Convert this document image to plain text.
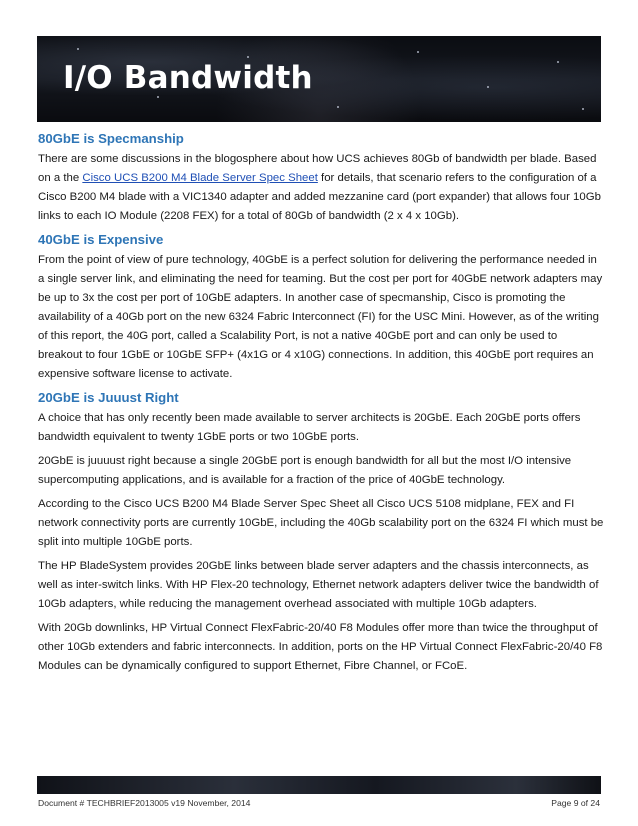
I/O Bandwidth
80GbE is Specmanship

There are some discussions in the blogosphere about how UCS achieves 80Gb of bandwidth per blade. Based on a the Cisco UCS B200 M4 Blade Server Spec Sheet for details, that scenario refers to the configuration of a Cisco B200 M4 blade with a VIC1340 adapter and added mezzanine card (port expander) that allows four 10Gb links to each IO Module (2208 FEX) for a total of 80Gb of bandwidth (2 x 4 x 10Gb).

40GbE is Expensive

From the point of view of pure technology, 40GbE is a perfect solution for delivering the performance needed in a single server link, and eliminating the need for teaming. But the cost per port for 40GbE network adapters may be up to 3x the cost per port of 10GbE adapters. In another case of specmanship, Cisco is promoting the availability of a 40Gb port on the new 6324 Fabric Interconnect (FI) for the USC Mini. However, as of the writing of this report, the 40G port, called a Scalability Port, is not a native 40GbE port and can only be used to breakout to four 1GbE or 10GbE SFP+ (4x1G or 4 x10G) connections. In addition, this 40GbE port requires an expensive software license to activate.

20GbE is Juuust Right

A choice that has only recently been made available to server architects is 20GbE. Each 20GbE ports offers bandwidth equivalent to twenty 1GbE ports or two 10GbE ports.

20GbE is juuuust right because a single 20GbE port is enough bandwidth for all but the most I/O intensive supercomputing applications, and is available for a fraction of the price of 40GbE technology.

According to the Cisco UCS B200 M4 Blade Server Spec Sheet all Cisco UCS 5108 midplane, FEX and FI network connectivity ports are currently 10GbE, including the 40Gb scalability port on the 6324 FI which must be split into multiple 10GbE ports.

The HP BladeSystem provides 20GbE links between blade server adapters and the chassis interconnects, as well as inter-switch links. With HP Flex-20 technology, Ethernet network adapters deliver twice the bandwidth of 10Gb adapters, while reducing the management overhead associated with multiple 10Gb adapters.

With 20Gb downlinks, HP Virtual Connect FlexFabric-20/40 F8 Modules offer more than twice the throughput of other 10Gb extenders and fabric interconnects. In addition, ports on the HP Virtual Connect FlexFabric-20/40 F8 Modules can be dynamically configured to support Ethernet, Fibre Channel, or FCoE.

Document # TECHBRIEF2013005 v19 November, 2014	Page 9 of 24
